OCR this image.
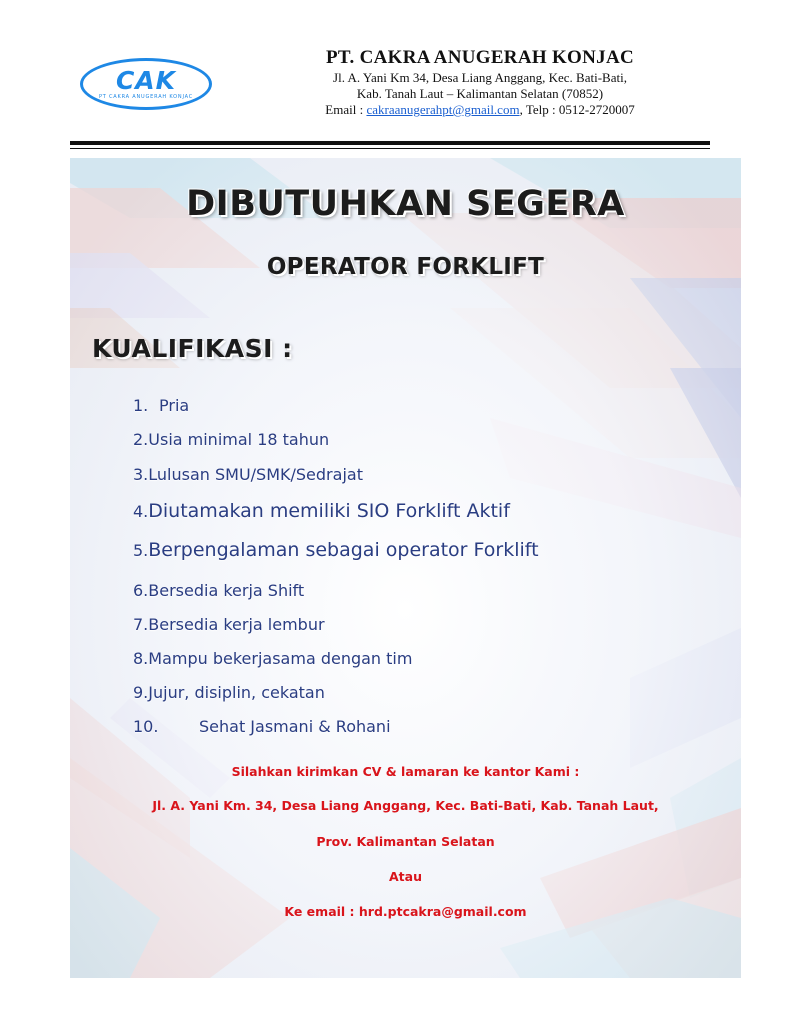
CAK
PT CAKRA ANUGERAH KONJAC
PT. CAKRA ANUGERAH KONJAC
Jl. A. Yani Km 34, Desa Liang Anggang, Kec. Bati-Bati,
Kab. Tanah Laut – Kalimantan Selatan (70852)
Email : cakraanugerahpt@gmail.com, Telp : 0512-2720007
DIBUTUHKAN SEGERA
OPERATOR FORKLIFT
KUALIFIKASI :
1.Pria
2.Usia minimal 18 tahun
3.Lulusan SMU/SMK/Sedrajat
4.Diutamakan memiliki SIO Forklift Aktif
5.Berpengalaman sebagai operator Forklift
6.Bersedia kerja Shift
7.Bersedia kerja lembur
8.Mampu bekerjasama dengan tim
9.Jujur, disiplin, cekatan
10.	Sehat Jasmani & Rohani
Silahkan kirimkan CV & lamaran ke kantor Kami :
Jl. A. Yani Km. 34, Desa Liang Anggang, Kec. Bati-Bati, Kab. Tanah Laut,
Prov. Kalimantan Selatan
Atau
Ke email : hrd.ptcakra@gmail.com
